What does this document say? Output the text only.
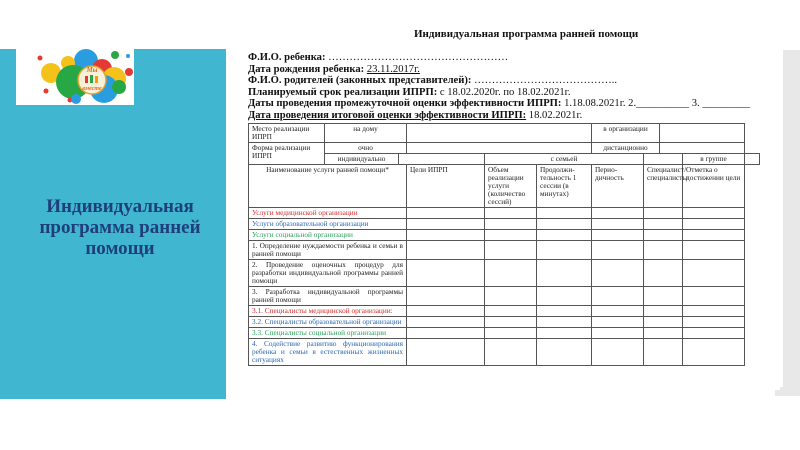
Мы
вместе
Индивидуальная программа ранней помощи
Индивидуальная программа ранней помощи
Ф.И.О. ребенка: ……………………………………………
Дата рождения ребенка: 23.11.2017г.
Ф.И.О. родителей (законных представителей): …………………………………..
Планируемый срок реализации ИПРП: с 18.02.2020г. по 18.02.2021г.
Даты проведения промежуточной оценки эффективности ИПРП: 1.18.08.2021г. 2.__________ 3. _________
Дата проведения итоговой оценки эффективности ИПРП: 18.02.2021г.
Место реализации ИПРП	на дому					в организации				
Форма реализации ИПРП	очно					дистанционно				
	индивидуально			с семьей					в группе	
Наименование услуги ранней помощи*			Цели ИПРП	Объем реализации услуги (количество сессий)	Продолжи-тельность 1 сессии (в минутах)	Перио-дичность	Специалист/ специалисты		Отметка о достижении цели	
Услуги медицинской организации										
Услуги образовательной организации										
Услуги социальной организации										
1. Определение нуждаемости ребенка и семьи в ранней помощи										
2. Проведение оценочных процедур для разработки индивидуальной программы ранней помощи										
3. Разработка индивидуальной программы ранней помощи										
3.1. Специалисты медицинской организации:										
3.2. Специалисты образовательной организации										
3.3. Специалисты социальной организации										
4. Содействие развитию функционирования ребенка и семьи в естественных жизненных ситуациях										
